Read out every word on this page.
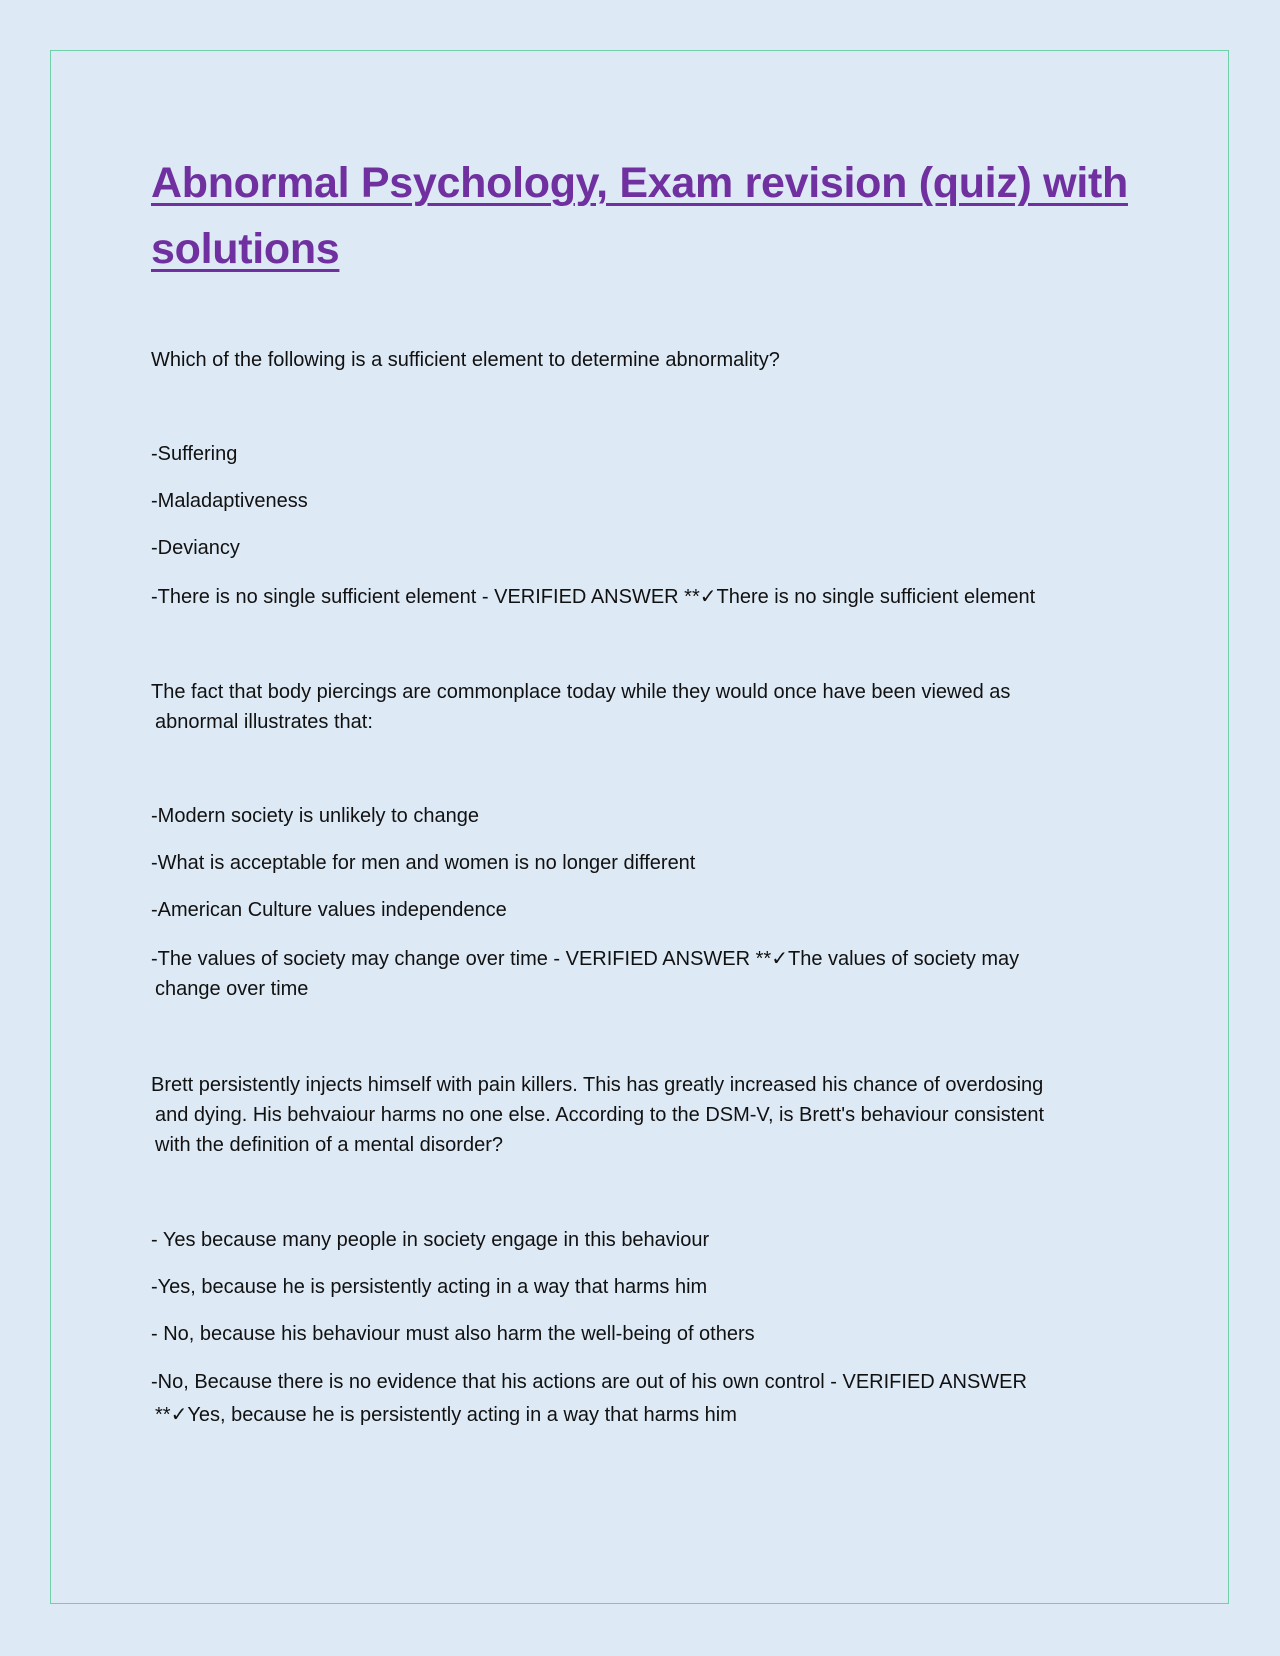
Abnormal Psychology, Exam revision (quiz) with solutions

Which of the following is a sufficient element to determine abnormality?

-Suffering

-Maladaptiveness

-Deviancy

-There is no single sufficient element - VERIFIED ANSWER **✓There is no single sufficient element

The fact that body piercings are commonplace today while they would once have been viewed as
abnormal illustrates that:

-Modern society is unlikely to change

-What is acceptable for men and women is no longer different

-American Culture values independence

-The values of society may change over time - VERIFIED ANSWER **✓The values of society may
change over time

Brett persistently injects himself with pain killers. This has greatly increased his chance of overdosing
and dying. His behvaiour harms no one else. According to the DSM-V, is Brett's behaviour consistent
with the definition of a mental disorder?

- Yes because many people in society engage in this behaviour

-Yes, because he is persistently acting in a way that harms him

- No, because his behaviour must also harm the well-being of others

-No, Because there is no evidence that his actions are out of his own control - VERIFIED ANSWER
**✓Yes, because he is persistently acting in a way that harms him
